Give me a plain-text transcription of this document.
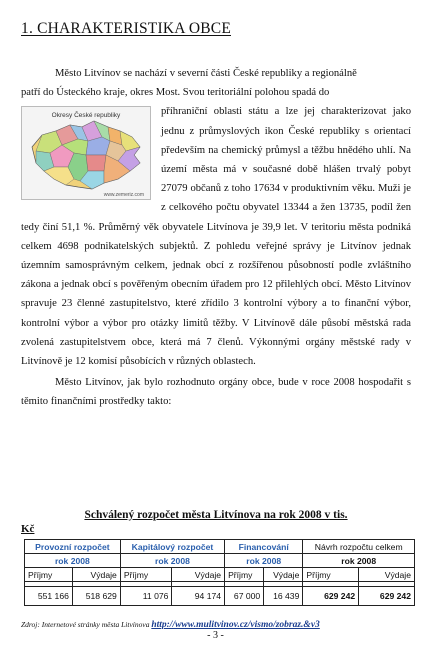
1. CHARAKTERISTIKA OBCE

Město Litvínov se nachází v severní části České republiky a regionálně

patří do Ústeckého kraje, okres Most. Svou teritoriální polohou spadá do

Okresy České republiky
www.zemeriz.com

příhraniční oblasti státu a lze jej charakterizovat jako jednu z průmyslových ikon České republiky s orientací především na chemický průmysl a těžbu hnědého uhlí. Na území města má v současné době hlášen trvalý pobyt 27079 občanů z toho 17634 v produktivním věku. Muži je z celkového počtu obyvatel 13344 a žen 13735, podíl žen tedy činí 51,1 %. Průměrný věk obyvatele Litvínova je 39,9 let. V teritoriu města podniká celkem 4698 podnikatelských subjektů. Z pohledu veřejné správy je Litvínov jednak územním samosprávným celkem, jednak obcí z rozšířenou působností podle zvláštního zákona a jednak obcí s pověřeným obecním úřadem pro 12 přilehlých obcí. Město Litvínov spravuje 23 členné zastupitelstvo, které zřídilo 3 kontrolní výbory a to finanční výbor, kontrolní výbor a výbor pro otázky limitů těžby. V Litvínově dále působí městská rada zvolená zastupitelstvem obce, která má 7 členů. Výkonnými orgány městské rady v Litvínově je 12 komisí působících v různých oblastech.

Město Litvínov, jak bylo rozhodnuto orgány obce, bude v roce 2008 hospodařit s těmito finančními prostředky takto:

Schválený rozpočet města Litvínova na rok 2008 v tis.
Kč
Provozní rozpočet		Kapitálový rozpočet		Financování		Návrh rozpočtu celkem	
rok 2008		rok 2008		rok 2008		rok 2008	
Příjmy	Výdaje	Příjmy	Výdaje	Příjmy	Výdaje	Příjmy	Výdaje

551 166	518 629	11 076	94 174	67 000	16 439	629 242	629 242
Zdroj: Internetové stránky města Litvínova http://www.mulitvinov.cz/vismo/zobraz.&v3
- 3 -
